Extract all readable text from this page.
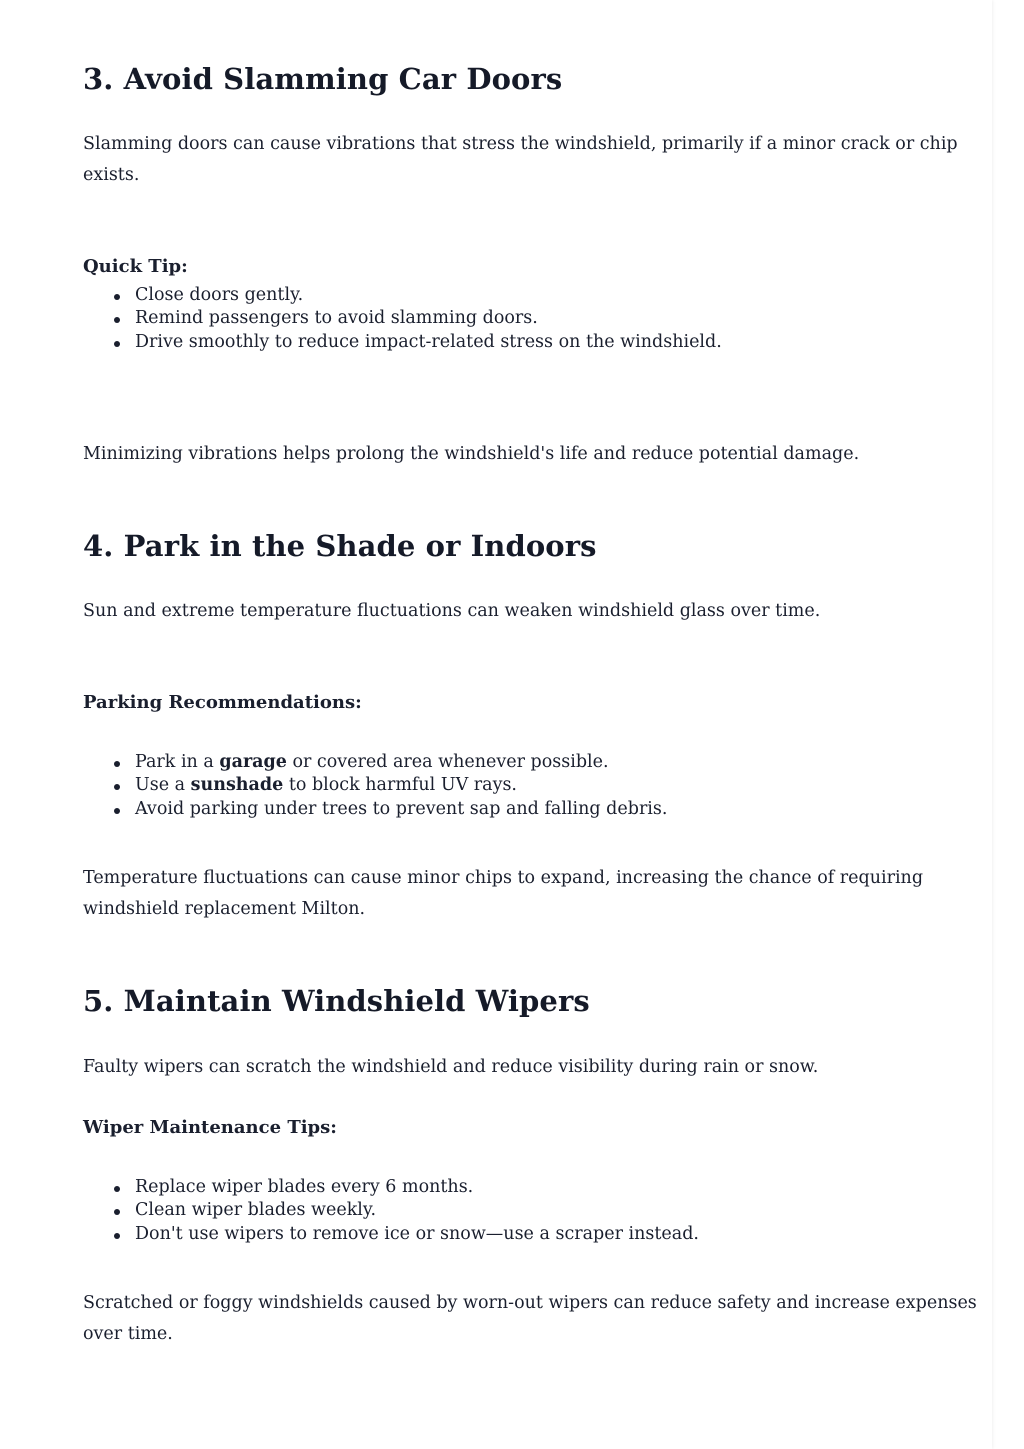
3. Avoid Slamming Car Doors

Slamming doors can cause vibrations that stress the windshield, primarily if a minor crack or chip exists.

Quick Tip:
Close doors gently.
Remind passengers to avoid slamming doors.
Drive smoothly to reduce impact-related stress on the windshield.

Minimizing vibrations helps prolong the windshield's life and reduce potential damage.

4. Park in the Shade or Indoors

Sun and extreme temperature fluctuations can weaken windshield glass over time.

Parking Recommendations:
Park in a garage or covered area whenever possible.
Use a sunshade to block harmful UV rays.
Avoid parking under trees to prevent sap and falling debris.

Temperature fluctuations can cause minor chips to expand, increasing the chance of requiring windshield replacement Milton.

5. Maintain Windshield Wipers

Faulty wipers can scratch the windshield and reduce visibility during rain or snow.

Wiper Maintenance Tips:
Replace wiper blades every 6 months.
Clean wiper blades weekly.
Don't use wipers to remove ice or snow—use a scraper instead.

Scratched or foggy windshields caused by worn-out wipers can reduce safety and increase expenses over time.
